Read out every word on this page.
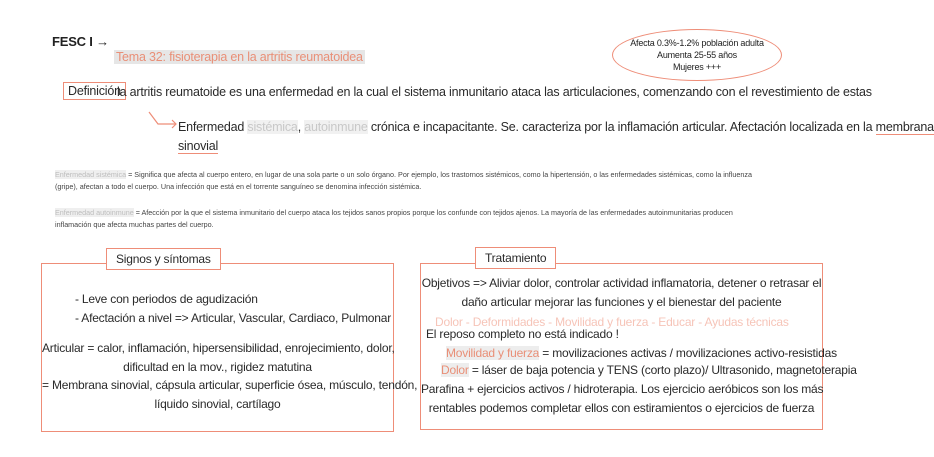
FESC I →
Tema 32: fisioterapia en la artritis reumatoidea
Afecta 0.3%-1.2% población adulta
Aumenta 25-55 años
Mujeres +++
Definición
la artritis reumatoide es una enfermedad en la cual el sistema inmunitario ataca las articulaciones, comenzando con el revestimiento de estas
Enfermedad sistémica, autoinmune crónica e incapacitante. Se. caracteriza por la inflamación articular. Afectación localizada en la membrana
sinovial
Enfermedad sistémica = Significa que afecta al cuerpo entero, en lugar de una sola parte o un solo órgano. Por ejemplo, los trastornos sistémicos, como la hipertensión, o las enfermedades sistémicas, como la influenza
(gripe), afectan a todo el cuerpo. Una infección que está en el torrente sanguíneo se denomina infección sistémica.
Enfermedad autoinmune = Afección por la que el sistema inmunitario del cuerpo ataca los tejidos sanos propios porque los confunde con tejidos ajenos. La mayoría de las enfermedades autoinmunitarias producen
inflamación que afecta muchas partes del cuerpo.
- Leve con periodos de agudización
- Afectación a nivel => Articular, Vascular, Cardiaco, Pulmonar
Articular = calor, inflamación, hipersensibilidad, enrojecimiento, dolor,
dificultad en la mov., rigidez matutina
= Membrana sinovial, cápsula articular, superficie ósea, músculo, tendón,
líquido sinovial, cartílago
Signos y síntomas
Objetivos => Aliviar dolor, controlar actividad inflamatoria, detener o retrasar el
daño articular mejorar las funciones y el bienestar del paciente
Dolor - Deformidades - Movilidad y fuerza - Educar - Ayudas técnicas
El reposo completo no está indicado !
Movilidad y fuerza = movilizaciones activas / movilizaciones activo-resistidas
Dolor = láser de baja potencia y TENS (corto plazo)/ Ultrasonido, magnetoterapia
Parafina + ejercicios activos / hidroterapia. Los ejercicio aeróbicos son los más
rentables podemos completar ellos con estiramientos o ejercicios de fuerza
Tratamiento
